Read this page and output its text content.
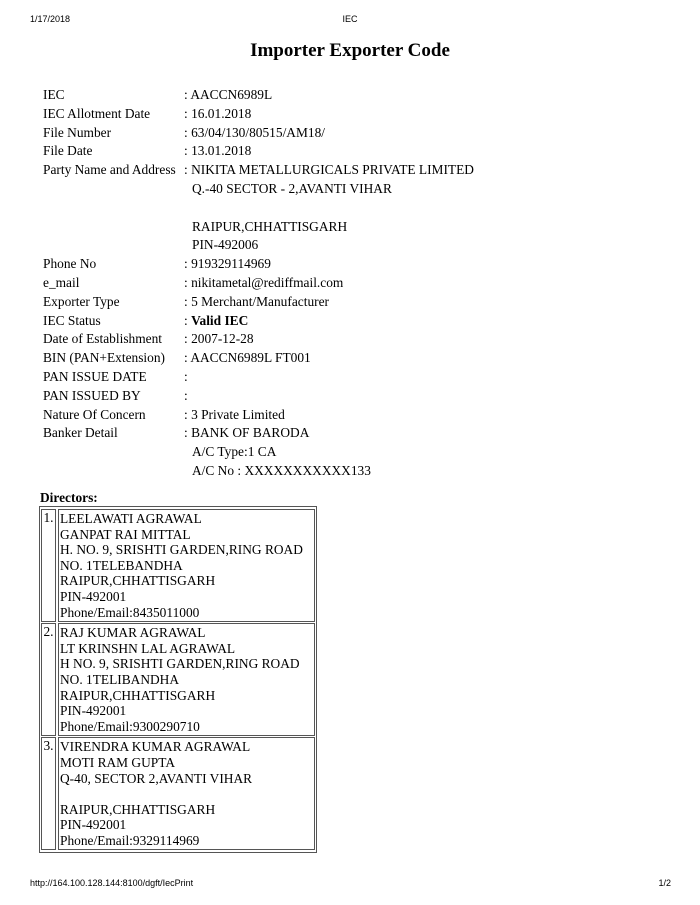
1/17/2018	IEC
Importer Exporter Code
IEC	: AACCN6989L
IEC Allotment Date	: 16.01.2018
File Number	: 63/04/130/80515/AM18/
File Date	: 13.01.2018
Party Name and Address : NIKITA METALLURGICALS PRIVATE LIMITED
Q.-40 SECTOR - 2,AVANTI VIHAR
RAIPUR,CHHATTISGARH
PIN-492006
Phone No	: 919329114969
e_mail	: nikitametal@rediffmail.com
Exporter Type	: 5 Merchant/Manufacturer
IEC Status	: Valid IEC
Date of Establishment	: 2007-12-28
BIN (PAN+Extension)	: AACCN6989L FT001
PAN ISSUE DATE	:
PAN ISSUED BY	:
Nature Of Concern	: 3 Private Limited
Banker Detail	: BANK OF BARODA
A/C Type:1 CA
A/C No : XXXXXXXXXXX133
Directors:
1. LEELAWATI AGRAWAL
GANPAT RAI MITTAL
H. NO. 9, SRISHTI GARDEN,RING ROAD
NO. 1TELEBANDHA
RAIPUR,CHHATTISGARH
PIN-492001
Phone/Email:8435011000
2. RAJ KUMAR AGRAWAL
LT KRINSHN LAL AGRAWAL
H NO. 9, SRISHTI GARDEN,RING ROAD
NO. 1TELIBANDHA
RAIPUR,CHHATTISGARH
PIN-492001
Phone/Email:9300290710
3. VIRENDRA KUMAR AGRAWAL
MOTI RAM GUPTA
Q-40, SECTOR 2,AVANTI VIHAR
RAIPUR,CHHATTISGARH
PIN-492001
Phone/Email:9329114969
http://164.100.128.144:8100/dgft/IecPrint	1/2
